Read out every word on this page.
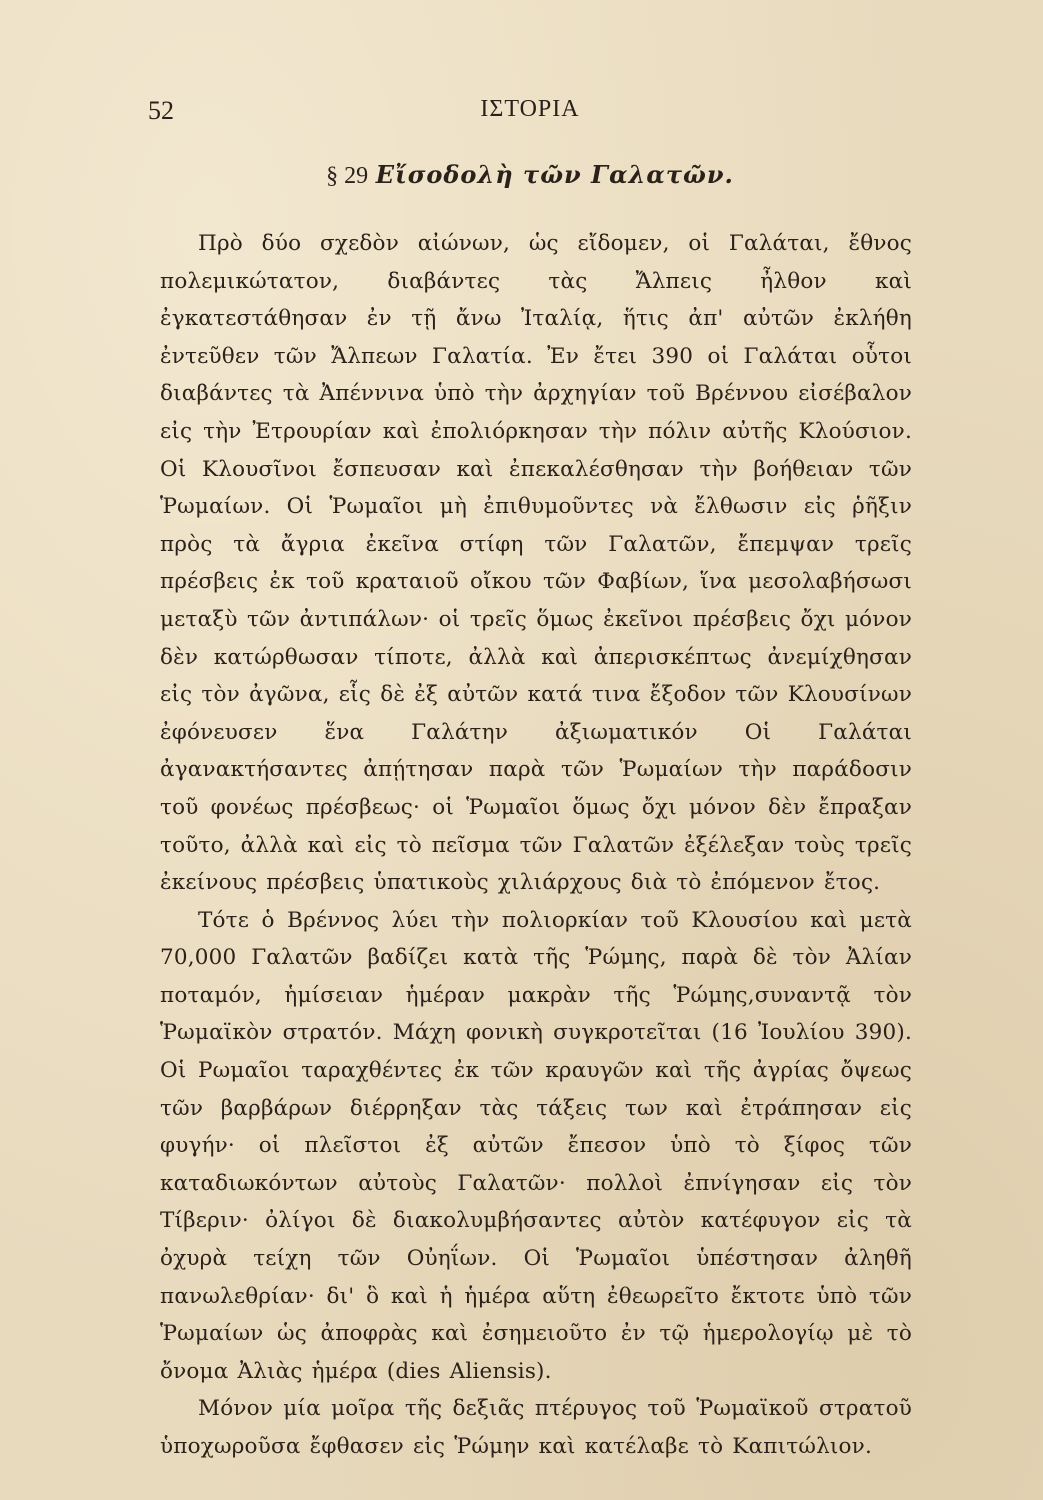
52	ΙΣΤΟΡΙΑ
§ 29 Εἴσοδολὴ τῶν Γαλατῶν.

Πρὸ δύο σχεδὸν αἰώνων, ὡς εἴδομεν, οἱ Γαλάται, ἔθνος πολεμικώτατον, διαβάντες τὰς Ἄλπεις ἦλθον καὶ ἐγκατεστάθησαν ἐν τῇ ἄνω Ἰταλίᾳ, ἥτις ἀπ' αὐτῶν ἐκλήθη ἐντεῦθεν τῶν Ἄλπεων Γαλατία. Ἐν ἔτει 390 οἱ Γαλάται οὗτοι διαβάντες τὰ Ἀπέννινα ὑπὸ τὴν ἀρχηγίαν τοῦ Βρέννου εἰσέβαλον εἰς τὴν Ἐτρουρίαν καὶ ἐπολιόρκησαν τὴν πόλιν αὐτῆς Κλούσιον. Οἱ Κλουσῖνοι ἔσπευσαν καὶ ἐπεκαλέσθησαν τὴν βοήθειαν τῶν Ῥωμαίων. Οἱ Ῥωμαῖοι μὴ ἐπιθυμοῦντες νὰ ἔλθωσιν εἰς ῥῆξιν πρὸς τὰ ἄγρια ἐκεῖνα στίφη τῶν Γαλατῶν, ἔπεμψαν τρεῖς πρέσβεις ἐκ τοῦ κραταιοῦ οἴκου τῶν Φαβίων, ἵνα μεσολαβήσωσι μεταξὺ τῶν ἀντιπάλων· οἱ τρεῖς ὅμως ἐκεῖνοι πρέσβεις ὄχι μόνον δὲν κατώρθωσαν τίποτε, ἀλλὰ καὶ ἀπερισκέπτως ἀνεμίχθησαν εἰς τὸν ἀγῶνα, εἷς δὲ ἐξ αὐτῶν κατά τινα ἔξοδον τῶν Κλουσίνων ἐφόνευσεν ἕνα Γαλάτην ἀξιωματικόν Οἱ Γαλάται ἀγανακτήσαντες ἀπῄτησαν παρὰ τῶν Ῥωμαίων τὴν παράδοσιν τοῦ φονέως πρέσβεως· οἱ Ῥωμαῖοι ὅμως ὄχι μόνον δὲν ἔπραξαν τοῦτο, ἀλλὰ καὶ εἰς τὸ πεῖσμα τῶν Γαλατῶν ἐξέλεξαν τοὺς τρεῖς ἐκείνους πρέσβεις ὑπατικοὺς χιλιάρχους διὰ τὸ ἐπόμενον ἔτος.

Τότε ὁ Βρέννος λύει τὴν πολιορκίαν τοῦ Κλουσίου καὶ μετὰ 70,000 Γαλατῶν βαδίζει κατὰ τῆς Ῥώμης, παρὰ δὲ τὸν Ἀλίαν ποταμόν, ἡμίσειαν ἡμέραν μακρὰν τῆς Ῥώμης,συναντᾷ τὸν Ῥωμαϊκὸν στρατόν. Μάχη φονικὴ συγκροτεῖται (16 Ἰουλίου 390). Οἱ Ρωμαῖοι ταραχθέντες ἐκ τῶν κραυγῶν καὶ τῆς ἀγρίας ὄψεως τῶν βαρβάρων διέρρηξαν τὰς τάξεις των καὶ ἐτράπησαν εἰς φυγήν· οἱ πλεῖστοι ἐξ αὐτῶν ἔπεσον ὑπὸ τὸ ξίφος τῶν καταδιωκόντων αὐτοὺς Γαλατῶν· πολλοὶ ἐπνίγησαν εἰς τὸν Τίβεριν· ὀλίγοι δὲ διακολυμβήσαντες αὐτὸν κατέφυγον εἰς τὰ ὀχυρὰ τείχη τῶν Οὐηΐων. Οἱ Ῥωμαῖοι ὑπέστησαν ἀληθῆ πανωλεθρίαν· δι' ὃ καὶ ἡ ἡμέρα αὕτη ἐθεωρεῖτο ἔκτοτε ὑπὸ τῶν Ῥωμαίων ὡς ἀποφρὰς καὶ ἐσημειοῦτο ἐν τῷ ἡμερολογίῳ μὲ τὸ ὄνομα Ἀλιὰς ἡμέρα (dies Aliensis).

Μόνον μία μοῖρα τῆς δεξιᾶς πτέρυγος τοῦ Ῥωμαϊκοῦ στρατοῦ ὑποχωροῦσα ἔφθασεν εἰς Ῥώμην καὶ κατέλαβε τὸ Καπιτώλιον.
